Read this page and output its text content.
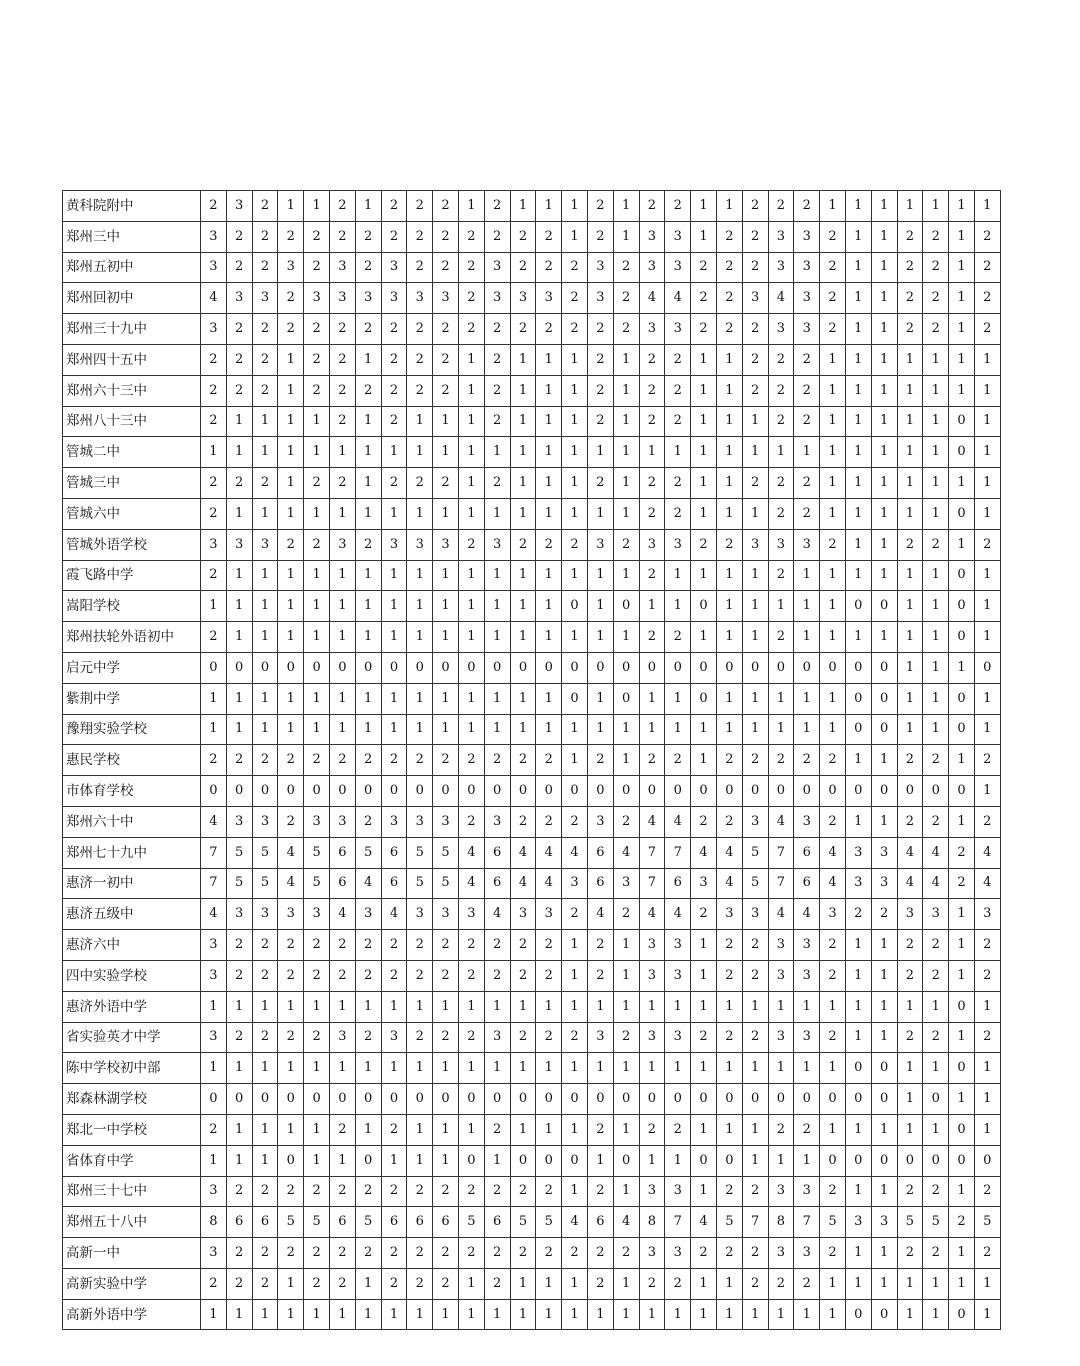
黄科院附中	2	3	2	1	1	2	1	2	2	2	1	2	1	1	1	2	1	2	2	1	1	2	2	2	1	1	1	1	1	1	1
郑州三中	3	2	2	2	2	2	2	2	2	2	2	2	2	2	1	2	1	3	3	1	2	2	3	3	2	1	1	2	2	1	2
郑州五初中	3	2	2	3	2	3	2	3	2	2	2	3	2	2	2	3	2	3	3	2	2	2	3	3	2	1	1	2	2	1	2
郑州回初中	4	3	3	2	3	3	3	3	3	3	2	3	3	3	2	3	2	4	4	2	2	3	4	3	2	1	1	2	2	1	2
郑州三十九中	3	2	2	2	2	2	2	2	2	2	2	2	2	2	2	2	2	3	3	2	2	2	3	3	2	1	1	2	2	1	2
郑州四十五中	2	2	2	1	2	2	1	2	2	2	1	2	1	1	1	2	1	2	2	1	1	2	2	2	1	1	1	1	1	1	1
郑州六十三中	2	2	2	1	2	2	2	2	2	2	1	2	1	1	1	2	1	2	2	1	1	2	2	2	1	1	1	1	1	1	1
郑州八十三中	2	1	1	1	1	2	1	2	1	1	1	2	1	1	1	2	1	2	2	1	1	1	2	2	1	1	1	1	1	0	1
管城二中	1	1	1	1	1	1	1	1	1	1	1	1	1	1	1	1	1	1	1	1	1	1	1	1	1	1	1	1	1	0	1
管城三中	2	2	2	1	2	2	1	2	2	2	1	2	1	1	1	2	1	2	2	1	1	2	2	2	1	1	1	1	1	1	1
管城六中	2	1	1	1	1	1	1	1	1	1	1	1	1	1	1	1	1	2	2	1	1	1	2	2	1	1	1	1	1	0	1
管城外语学校	3	3	3	2	2	3	2	3	3	3	2	3	2	2	2	3	2	3	3	2	2	3	3	3	2	1	1	2	2	1	2
霞飞路中学	2	1	1	1	1	1	1	1	1	1	1	1	1	1	1	1	1	2	1	1	1	1	2	1	1	1	1	1	1	0	1
嵩阳学校	1	1	1	1	1	1	1	1	1	1	1	1	1	1	0	1	0	1	1	0	1	1	1	1	1	0	0	1	1	0	1
郑州扶轮外语初中	2	1	1	1	1	1	1	1	1	1	1	1	1	1	1	1	1	2	2	1	1	1	2	1	1	1	1	1	1	0	1
启元中学	0	0	0	0	0	0	0	0	0	0	0	0	0	0	0	0	0	0	0	0	0	0	0	0	0	0	0	1	1	1	0
紫荆中学	1	1	1	1	1	1	1	1	1	1	1	1	1	1	0	1	0	1	1	0	1	1	1	1	1	0	0	1	1	0	1
豫翔实验学校	1	1	1	1	1	1	1	1	1	1	1	1	1	1	1	1	1	1	1	1	1	1	1	1	1	0	0	1	1	0	1
惠民学校	2	2	2	2	2	2	2	2	2	2	2	2	2	2	1	2	1	2	2	1	2	2	2	2	2	1	1	2	2	1	2
市体育学校	0	0	0	0	0	0	0	0	0	0	0	0	0	0	0	0	0	0	0	0	0	0	0	0	0	0	0	0	0	0	1
郑州六十中	4	3	3	2	3	3	2	3	3	3	2	3	2	2	2	3	2	4	4	2	2	3	4	3	2	1	1	2	2	1	2
郑州七十九中	7	5	5	4	5	6	5	6	5	5	4	6	4	4	4	6	4	7	7	4	4	5	7	6	4	3	3	4	4	2	4
惠济一初中	7	5	5	4	5	6	4	6	5	5	4	6	4	4	3	6	3	7	6	3	4	5	7	6	4	3	3	4	4	2	4
惠济五级中	4	3	3	3	3	4	3	4	3	3	3	4	3	3	2	4	2	4	4	2	3	3	4	4	3	2	2	3	3	1	3
惠济六中	3	2	2	2	2	2	2	2	2	2	2	2	2	2	1	2	1	3	3	1	2	2	3	3	2	1	1	2	2	1	2
四中实验学校	3	2	2	2	2	2	2	2	2	2	2	2	2	2	1	2	1	3	3	1	2	2	3	3	2	1	1	2	2	1	2
惠济外语中学	1	1	1	1	1	1	1	1	1	1	1	1	1	1	1	1	1	1	1	1	1	1	1	1	1	1	1	1	1	0	1
省实验英才中学	3	2	2	2	2	3	2	3	2	2	2	3	2	2	2	3	2	3	3	2	2	2	3	3	2	1	1	2	2	1	2
陈中学校初中部	1	1	1	1	1	1	1	1	1	1	1	1	1	1	1	1	1	1	1	1	1	1	1	1	1	0	0	1	1	0	1
郑森林湖学校	0	0	0	0	0	0	0	0	0	0	0	0	0	0	0	0	0	0	0	0	0	0	0	0	0	0	0	1	0	1	1
郑北一中学校	2	1	1	1	1	2	1	2	1	1	1	2	1	1	1	2	1	2	2	1	1	1	2	2	1	1	1	1	1	0	1
省体育中学	1	1	1	0	1	1	0	1	1	1	0	1	0	0	0	1	0	1	1	0	0	1	1	1	0	0	0	0	0	0	0
郑州三十七中	3	2	2	2	2	2	2	2	2	2	2	2	2	2	1	2	1	3	3	1	2	2	3	3	2	1	1	2	2	1	2
郑州五十八中	8	6	6	5	5	6	5	6	6	6	5	6	5	5	4	6	4	8	7	4	5	7	8	7	5	3	3	5	5	2	5
高新一中	3	2	2	2	2	2	2	2	2	2	2	2	2	2	2	2	2	3	3	2	2	2	3	3	2	1	1	2	2	1	2
高新实验中学	2	2	2	1	2	2	1	2	2	2	1	2	1	1	1	2	1	2	2	1	1	2	2	2	1	1	1	1	1	1	1
高新外语中学	1	1	1	1	1	1	1	1	1	1	1	1	1	1	1	1	1	1	1	1	1	1	1	1	1	0	0	1	1	0	1
